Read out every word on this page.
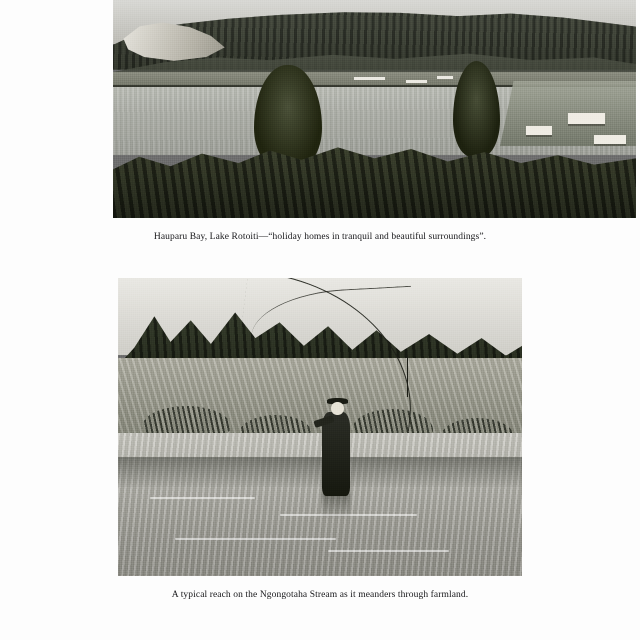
Hauparu Bay, Lake Rotoiti—“holiday homes in tranquil and beautiful surroundings”.
A typical reach on the Ngongotaha Stream as it meanders through farmland.
